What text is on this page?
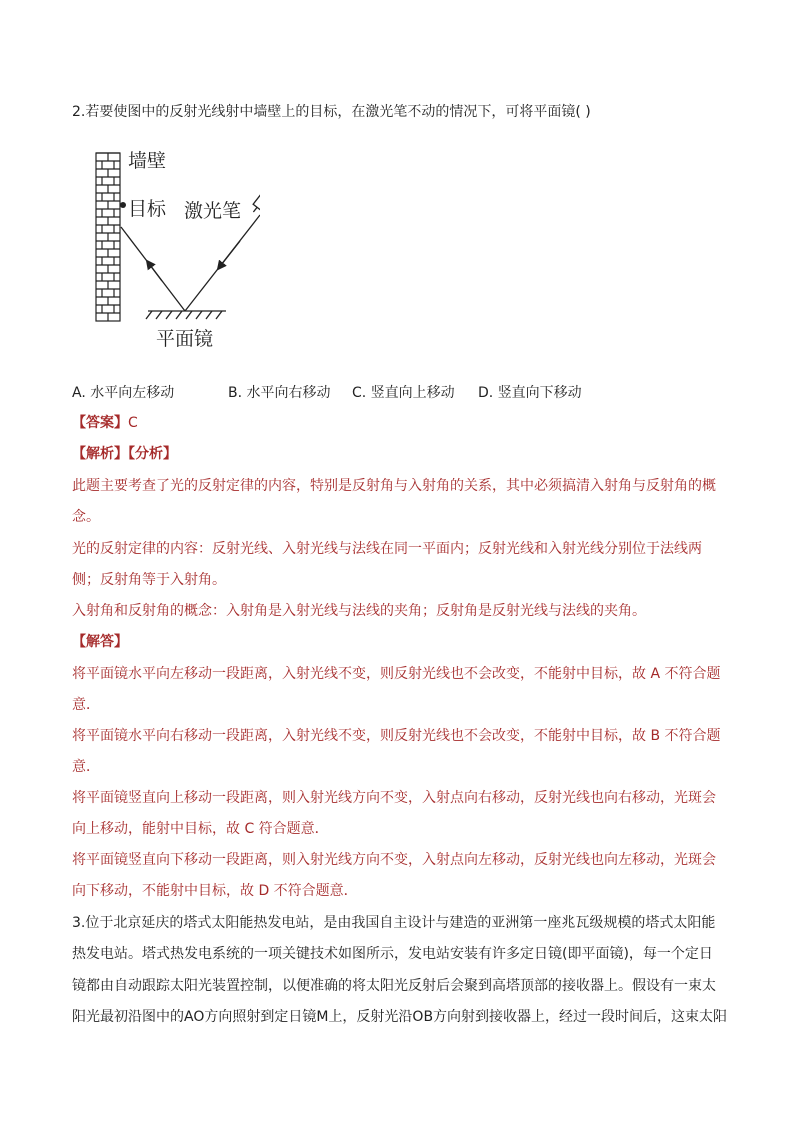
2.若要使图中的反射光线射中墙壁上的目标，在激光笔不动的情况下，可将平面镜( )
墙壁
目标 激光笔
平面镜
A. 水平向左移动	B. 水平向右移动 C. 竖直向上移动 D. 竖直向下移动
【答案】C
【解析】【分析】
此题主要考查了光的反射定律的内容，特别是反射角与入射角的关系，其中必须搞清入射角与反射角的概
念。
光的反射定律的内容：反射光线、入射光线与法线在同一平面内；反射光线和入射光线分别位于法线两
侧；反射角等于入射角。
入射角和反射角的概念：入射角是入射光线与法线的夹角；反射角是反射光线与法线的夹角。
【解答】
将平面镜水平向左移动一段距离，入射光线不变，则反射光线也不会改变，不能射中目标，故 A 不符合题
意．
将平面镜水平向右移动一段距离，入射光线不变，则反射光线也不会改变，不能射中目标，故 B 不符合题
意．
将平面镜竖直向上移动一段距离，则入射光线方向不变，入射点向右移动，反射光线也向右移动，光斑会
向上移动，能射中目标，故 C 符合题意．
将平面镜竖直向下移动一段距离，则入射光线方向不变，入射点向左移动，反射光线也向左移动，光斑会
向下移动，不能射中目标，故 D 不符合题意．
3.位于北京延庆的塔式太阳能热发电站，是由我国自主设计与建造的亚洲第一座兆瓦级规模的塔式太阳能
热发电站。塔式热发电系统的一项关键技术如图所示，发电站安装有许多定日镜(即平面镜)，每一个定日
镜都由自动跟踪太阳光装置控制，以便准确的将太阳光反射后会聚到高塔顶部的接收器上。假设有一束太
阳光最初沿图中的AO方向照射到定日镜M上，反射光沿OB方向射到接收器上，经过一段时间后，这束太阳
